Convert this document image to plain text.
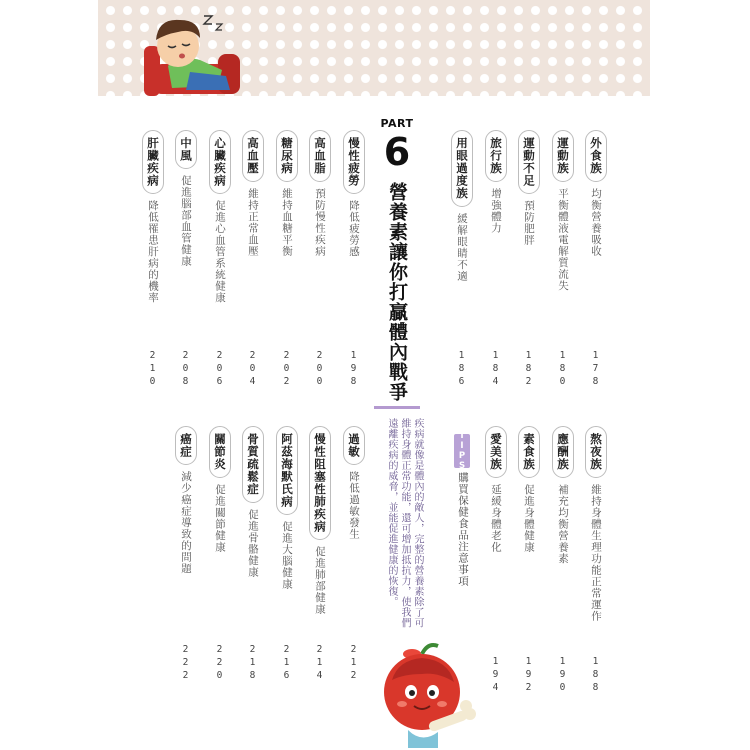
PART
6
營養素讓你打贏體內戰爭
疾病就像是體內的敵人，完整的營養素除了可維持身體正常功能，還可增加抵抗力，使我們遠離疾病的威脅，並能促進健康的恢復。
外食族
均衡營養吸收
運動族
平衡體液電解質流失
運動不足
預防肥胖
旅行族
增強體力
用眼過度族
緩解眼睛不適
178
180
182
184
186
慢性疲勞
降低疲勞感
高血脂
預防慢性疾病
糖尿病
維持血糖平衡
高血壓
維持正常血壓
心臟疾病
促進心血管系統健康
中風
促進腦部血管健康
肝臟疾病
降低罹患肝病的機率
198
200
202
204
206
208
210
熬夜族
維持身體生理功能正常運作
應酬族
補充均衡營養素
素食族
促進身體健康
愛美族
延緩身體老化
188
190
192
194
TIPS
購買保健食品注意事項
過敏
降低過敏發生
慢性阻塞性肺疾病
促進肺部健康
阿茲海默氏病
促進大腦健康
骨質疏鬆症
促進骨骼健康
關節炎
促進關節健康
癌症
減少癌症導致的問題
212
214
216
218
220
222
